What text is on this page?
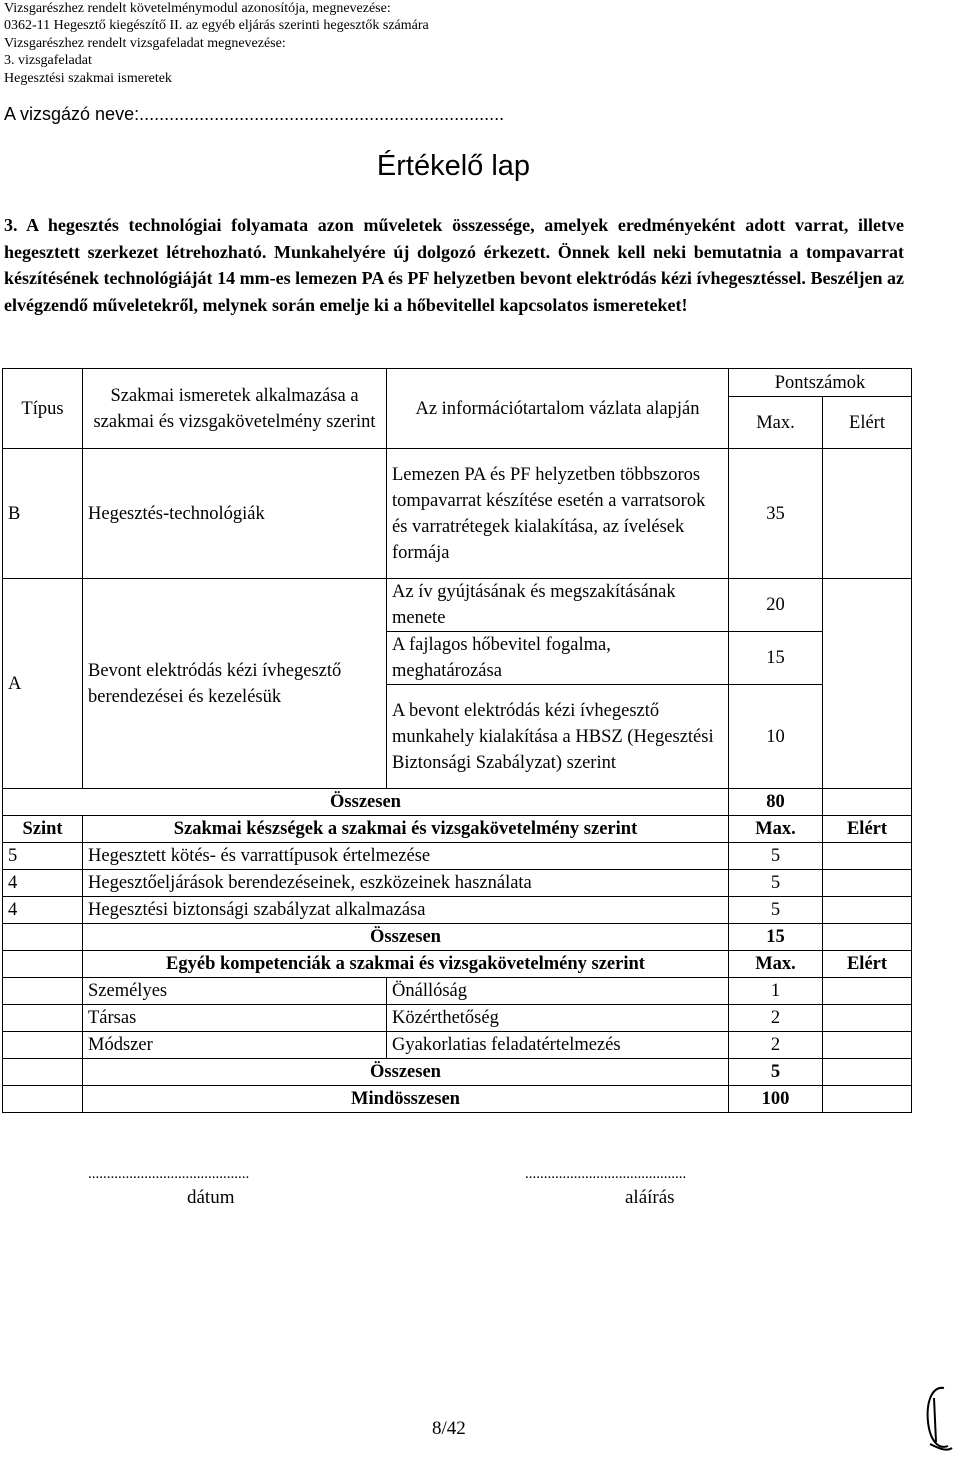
Vizsgarészhez rendelt követelménymodul azonosítója, megnevezése:
0362-11 Hegesztő kiegészítő II. az egyéb eljárás szerinti hegesztők számára
Vizsgarészhez rendelt vizsgafeladat megnevezése:
3. vizsgafeladat
Hegesztési szakmai ismeretek
A vizsgázó neve:.........................................................................
Értékelő lap
3. A hegesztés technológiai folyamata azon műveletek összessége, amelyek eredményeként adott varrat, illetve hegesztett szerkezet létrehozható. Munkahelyére új dolgozó érkezett. Önnek kell neki bemutatnia a tompavarrat készítésének technológiáját 14 mm-es lemezen PA és PF helyzetben bevont elektródás kézi ívhegesztéssel. Beszéljen az elvégzendő műveletekről, melynek során emelje ki a hőbevitellel kapcsolatos ismereteket!
Típus	Szakmai ismeretek alkalmazása a szakmai és vizsgakövetelmény szerint	Az információtartalom vázlata alapján	Pontszámok	
			Max.	Elért
B	Hegesztés-technológiák	Lemezen PA és PF helyzetben többszoros tompavarrat készítése esetén a varratsorok és varratrétegek kialakítása, az ívelések formája	35	
A	Bevont elektródás kézi ívhegesztő berendezései és kezelésük	Az ív gyújtásának és megszakításának menete	20	
		A fajlagos hőbevitel fogalma, meghatározása	15	
		A bevont elektródás kézi ívhegesztő munkahely kialakítása a HBSZ (Hegesztési Biztonsági Szabályzat) szerint	10	
Összesen			80	
Szint	Szakmai készségek a szakmai és vizsgakövetelmény szerint		Max.	Elért
5	Hegesztett kötés- és varrattípusok értelmezése		5	
4	Hegesztőeljárások berendezéseinek, eszközeinek használata		5	
4	Hegesztési biztonsági szabályzat alkalmazása		5	
	Összesen		15	
	Egyéb kompetenciák a szakmai és vizsgakövetelmény szerint		Max.	Elért
	Személyes	Önállóság	1	
	Társas	Közérthetőség	2	
	Módszer	Gyakorlatias feladatértelmezés	2	
	Összesen		5	
	Mindösszesen		100	
...........................................
dátum
...........................................
aláírás
8/42
